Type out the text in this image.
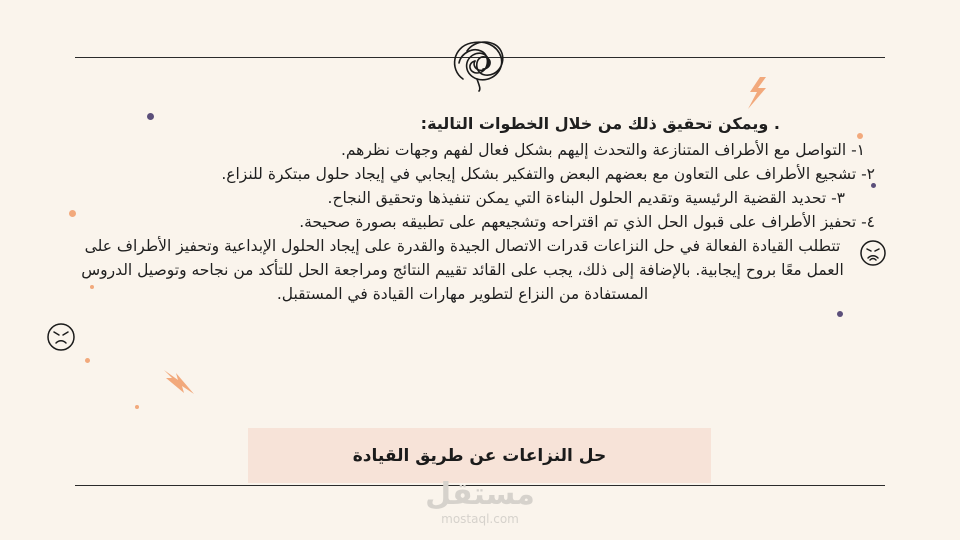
. ويمكن تحقيق ذلك من خلال الخطوات التالية:

١- التواصل مع الأطراف المتنازعة والتحدث إليهم بشكل فعال لفهم وجهات نظرهم.

٢- تشجيع الأطراف على التعاون مع بعضهم البعض والتفكير بشكل إيجابي في إيجاد حلول مبتكرة للنزاع.

٣- تحديد القضية الرئيسية وتقديم الحلول البناءة التي يمكن تنفيذها وتحقيق النجاح.

٤- تحفيز الأطراف على قبول الحل الذي تم اقتراحه وتشجيعهم على تطبيقه بصورة صحيحة.

تتطلب القيادة الفعالة في حل النزاعات قدرات الاتصال الجيدة والقدرة على إيجاد الحلول الإبداعية وتحفيز الأطراف على العمل معًا بروح إيجابية. بالإضافة إلى ذلك، يجب على القائد تقييم النتائج ومراجعة الحل للتأكد من نجاحه وتوصيل الدروس المستفادة من النزاع لتطوير مهارات القيادة في المستقبل.

حل النزاعات عن طريق القيادة
مستقل
mostaql.com
